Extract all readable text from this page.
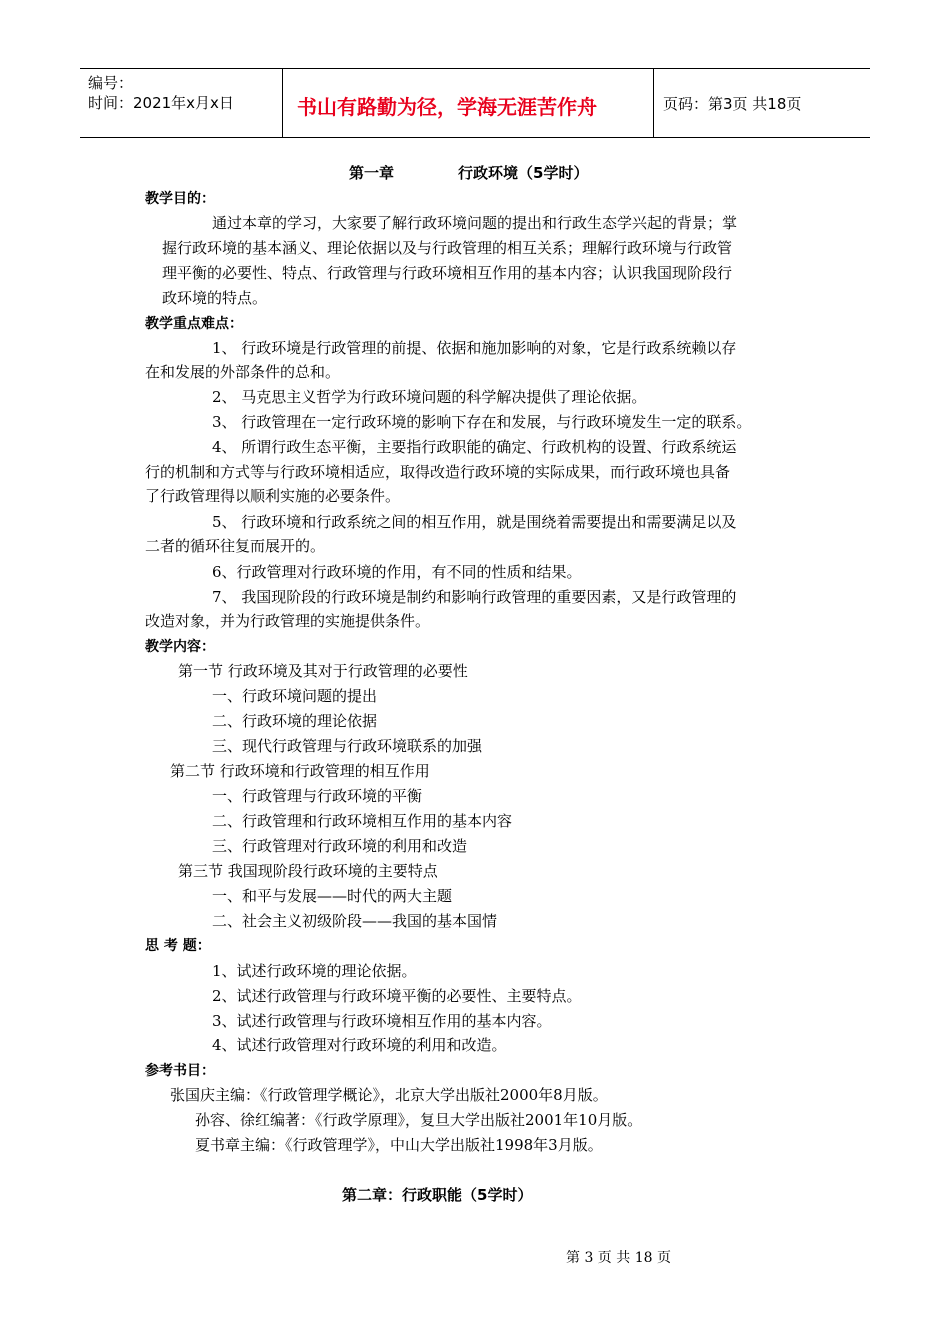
编号：
时间：2021年x月x日	书山有路勤为径，学海无涯苦作舟	页码：第3页 共18页
第一章	行政环境（5学时）
教学目的：
通过本章的学习，大家要了解行政环境问题的提出和行政生态学兴起的背景；掌
握行政环境的基本涵义、理论依据以及与行政管理的相互关系；理解行政环境与行政管
理平衡的必要性、特点、行政管理与行政环境相互作用的基本内容；认识我国现阶段行
政环境的特点。
教学重点难点：
1、 行政环境是行政管理的前提、依据和施加影响的对象，它是行政系统赖以存
在和发展的外部条件的总和。
2、 马克思主义哲学为行政环境问题的科学解决提供了理论依据。
3、 行政管理在一定行政环境的影响下存在和发展，与行政环境发生一定的联系。
4、 所谓行政生态平衡，主要指行政职能的确定、行政机构的设置、行政系统运
行的机制和方式等与行政环境相适应，取得改造行政环境的实际成果，而行政环境也具备
了行政管理得以顺利实施的必要条件。
5、 行政环境和行政系统之间的相互作用，就是围绕着需要提出和需要满足以及
二者的循环往复而展开的。
6、行政管理对行政环境的作用，有不同的性质和结果。
7、 我国现阶段的行政环境是制约和影响行政管理的重要因素，又是行政管理的
改造对象，并为行政管理的实施提供条件。
教学内容：
第一节 行政环境及其对于行政管理的必要性
一、行政环境问题的提出
二、行政环境的理论依据
三、现代行政管理与行政环境联系的加强
第二节 行政环境和行政管理的相互作用
一、行政管理与行政环境的平衡
二、行政管理和行政环境相互作用的基本内容
三、行政管理对行政环境的利用和改造
第三节 我国现阶段行政环境的主要特点
一、和平与发展——时代的两大主题
二、社会主义初级阶段——我国的基本国情
思 考 题：
1、试述行政环境的理论依据。
2、试述行政管理与行政环境平衡的必要性、主要特点。
3、试述行政管理与行政环境相互作用的基本内容。
4、试述行政管理对行政环境的利用和改造。
参考书目：
张国庆主编：《行政管理学概论》，北京大学出版社2000年8月版。
孙容、徐红编著：《行政学原理》，复旦大学出版社2001年10月版。
夏书章主编：《行政管理学》，中山大学出版社1998年3月版。
第二章：行政职能（5学时）
第 3 页 共 18 页
